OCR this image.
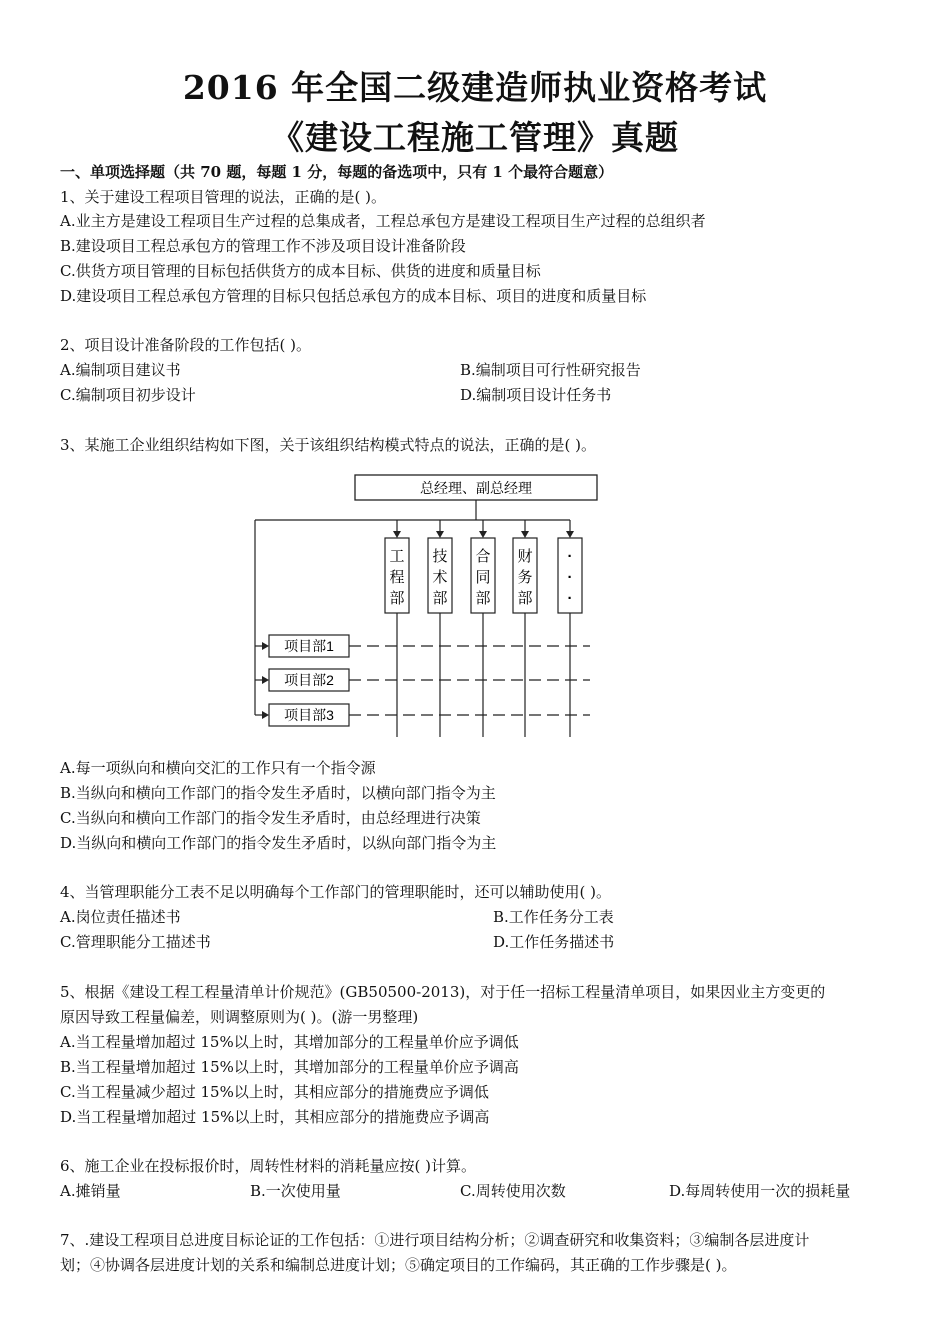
2016 年全国二级建造师执业资格考试
《建设工程施工管理》真题
一、单项选择题（共 70 题，每题 1 分，每题的备选项中，只有 1 个最符合题意）
1、关于建设工程项目管理的说法，正确的是( )。
A.业主方是建设工程项目生产过程的总集成者，工程总承包方是建设工程项目生产过程的总组织者
B.建设项目工程总承包方的管理工作不涉及项目设计准备阶段
C.供货方项目管理的目标包括供货方的成本目标、供货的进度和质量目标
D.建设项目工程总承包方管理的目标只包括总承包方的成本目标、项目的进度和质量目标
2、项目设计准备阶段的工作包括( )。
A.编制项目建议书	B.编制项目可行性研究报告
C.编制项目初步设计	D.编制项目设计任务书
3、某施工企业组织结构如下图，关于该组织结构模式特点的说法，正确的是( )。
总经理、副总经理
工
程
部
技
术
部
合
同
部
财
务
部
·
·
·
项目部1
项目部2
项目部3
A.每一项纵向和横向交汇的工作只有一个指令源
B.当纵向和横向工作部门的指令发生矛盾时，以横向部门指令为主
C.当纵向和横向工作部门的指令发生矛盾时，由总经理进行决策
D.当纵向和横向工作部门的指令发生矛盾时，以纵向部门指令为主
4、当管理职能分工表不足以明确每个工作部门的管理职能时，还可以辅助使用( )。
A.岗位责任描述书	B.工作任务分工表
C.管理职能分工描述书	D.工作任务描述书
5、根据《建设工程工程量清单计价规范》(GB50500-2013)，对于任一招标工程量清单项目，如果因业主方变更的
原因导致工程量偏差，则调整原则为( )。(游一男整理)
A.当工程量增加超过 15%以上时，其增加部分的工程量单价应予调低
B.当工程量增加超过 15%以上时，其增加部分的工程量单价应予调高
C.当工程量减少超过 15%以上时，其相应部分的措施费应予调低
D.当工程量增加超过 15%以上时，其相应部分的措施费应予调高
6、施工企业在投标报价时，周转性材料的消耗量应按( )计算。
A.摊销量	B.一次使用量	C.周转使用次数	D.每周转使用一次的损耗量
7、.建设工程项目总进度目标论证的工作包括：①进行项目结构分析；②调查研究和收集资料；③编制各层进度计
划；④协调各层进度计划的关系和编制总进度计划；⑤确定项目的工作编码，其正确的工作步骤是( )。
